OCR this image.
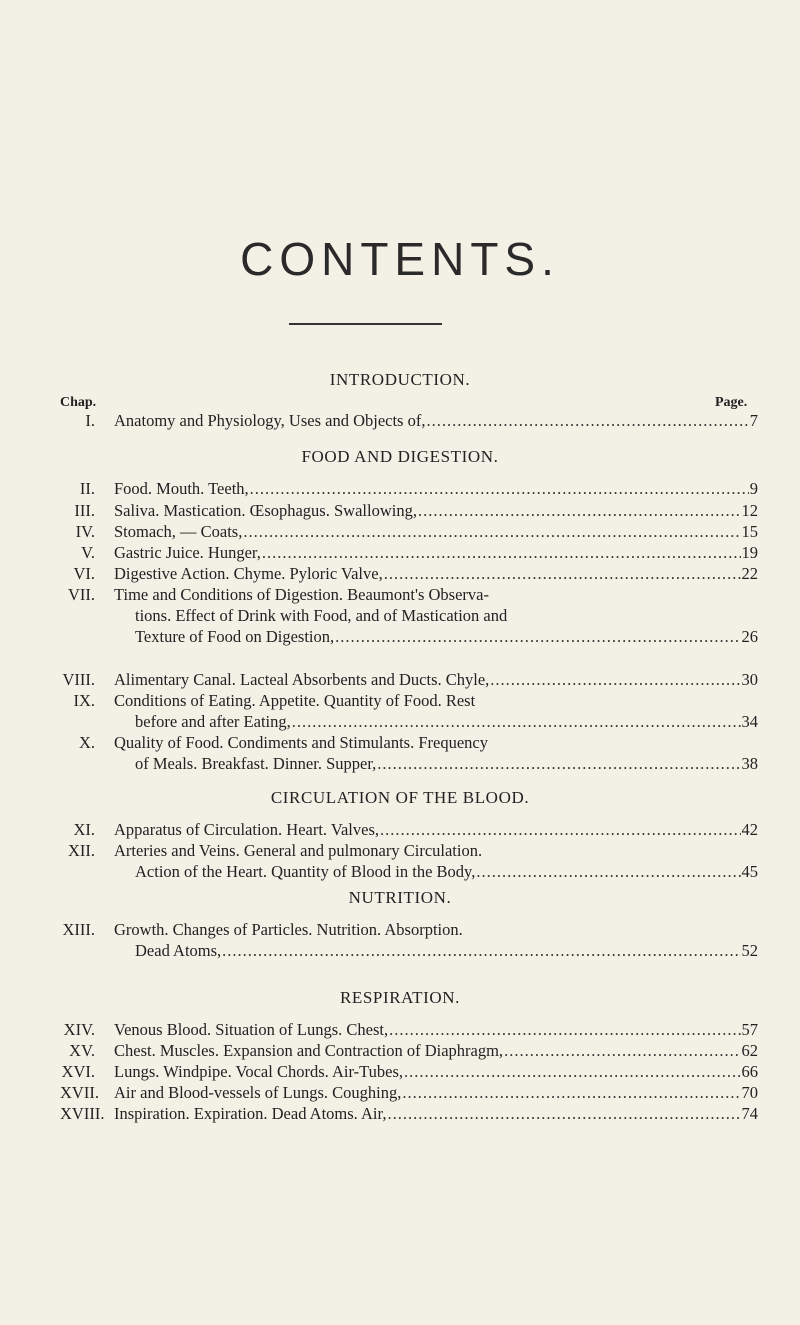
CONTENTS.
INTRODUCTION.
Chap.	Page.
FOOD AND DIGESTION.
CIRCULATION OF THE BLOOD.
NUTRITION.
RESPIRATION.
I. Anatomy and Physiology, Uses and Objects of, .....	7
II. Food. Mouth. Teeth, .....	9
III. Saliva. Mastication. Œsophagus. Swallowing, .....	12
IV. Stomach, — Coats, .....	15
V. Gastric Juice. Hunger, .....	19
VI. Digestive Action. Chyme. Pyloric Valve, .....	22
VII. Time and Conditions of Digestion. Beaumont's Observa-
tions. Effect of Drink with Food, and of Mastication and
Texture of Food on Digestion, .....	26
VIII. Alimentary Canal. Lacteal Absorbents and Ducts. Chyle, .....	30
IX. Conditions of Eating. Appetite. Quantity of Food. Rest
before and after Eating, .....	34
X. Quality of Food. Condiments and Stimulants. Frequency
of Meals. Breakfast. Dinner. Supper, .....	38
XI. Apparatus of Circulation. Heart. Valves, .....	42
XII. Arteries and Veins. General and pulmonary Circulation.
Action of the Heart. Quantity of Blood in the Body, .....	45
XIII. Growth. Changes of Particles. Nutrition. Absorption.
Dead Atoms, .....	52
XIV. Venous Blood. Situation of Lungs. Chest, .....	57
XV. Chest. Muscles. Expansion and Contraction of Diaphragm, .....	62
XVI. Lungs. Windpipe. Vocal Chords. Air-Tubes, .....	66
XVII. Air and Blood-vessels of Lungs. Coughing, .....	70
XVIII. Inspiration. Expiration. Dead Atoms. Air, .....	74
